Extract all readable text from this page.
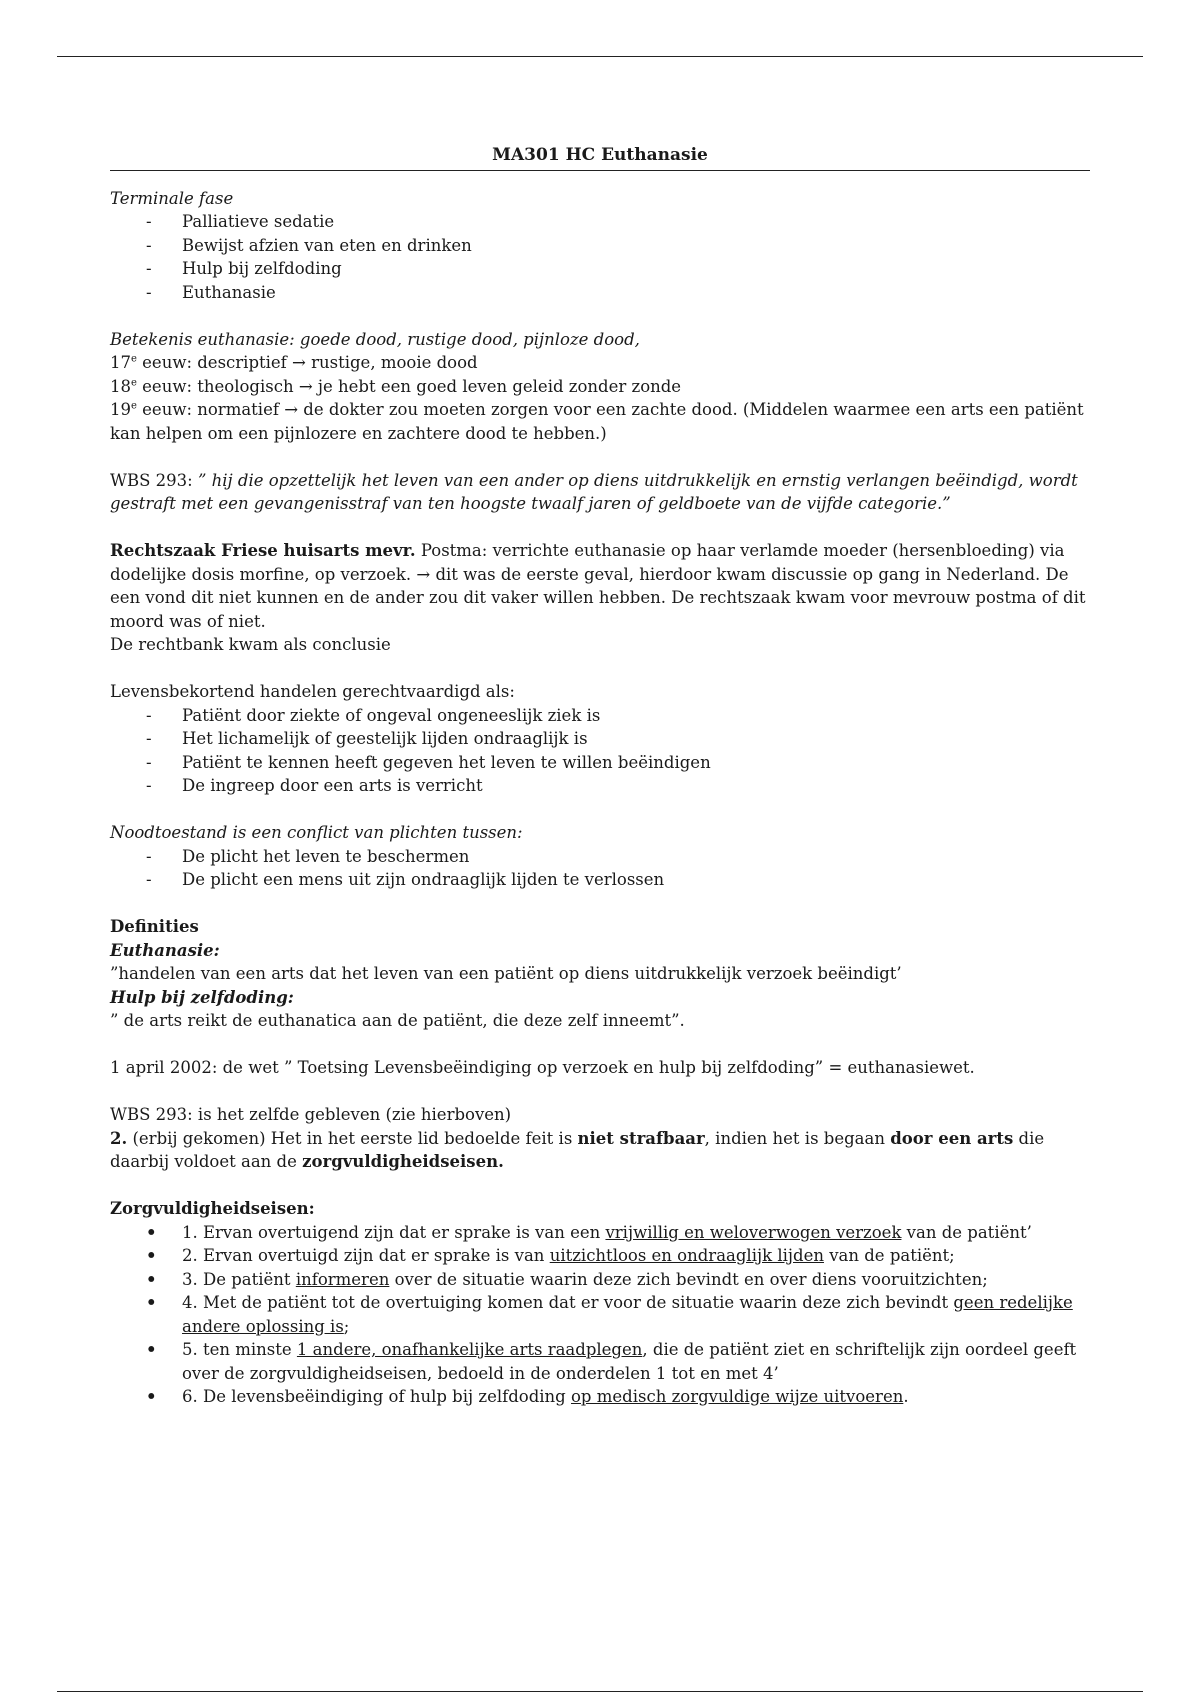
MA301 HC Euthanasie

Terminale fase

- Palliatieve sedatie
- Bewijst afzien van eten en drinken
- Hulp bij zelfdoding
- Euthanasie

Betekenis euthanasie: goede dood, rustige dood, pijnloze dood,

17e eeuw: descriptief → rustige, mooie dood

18e eeuw: theologisch → je hebt een goed leven geleid zonder zonde

19e eeuw: normatief → de dokter zou moeten zorgen voor een zachte dood. (Middelen waarmee een arts een patiënt kan helpen om een pijnlozere en zachtere dood te hebben.)

WBS 293: ” hij die opzettelijk het leven van een ander op diens uitdrukkelijk en ernstig verlangen beëindigd, wordt gestraft met een gevangenisstraf van ten hoogste twaalf jaren of geldboete van de vijfde categorie.”

Rechtszaak Friese huisarts mevr. Postma: verrichte euthanasie op haar verlamde moeder (hersenbloeding) via dodelijke dosis morfine, op verzoek. → dit was de eerste geval, hierdoor kwam discussie op gang in Nederland. De een vond dit niet kunnen en de ander zou dit vaker willen hebben. De rechtszaak kwam voor mevrouw postma of dit moord was of niet.

De rechtbank kwam als conclusie

Levensbekortend handelen gerechtvaardigd als:

- Patiënt door ziekte of ongeval ongeneeslijk ziek is
- Het lichamelijk of geestelijk lijden ondraaglijk is
- Patiënt te kennen heeft gegeven het leven te willen beëindigen
- De ingreep door een arts is verricht

Noodtoestand is een conflict van plichten tussen:

- De plicht het leven te beschermen
- De plicht een mens uit zijn ondraaglijk lijden te verlossen

Definities

Euthanasie:

”handelen van een arts dat het leven van een patiënt op diens uitdrukkelijk verzoek beëindigt’

Hulp bij zelfdoding:

” de arts reikt de euthanatica aan de patiënt, die deze zelf inneemt”.

1 april 2002: de wet ” Toetsing Levensbeëindiging op verzoek en hulp bij zelfdoding” = euthanasiewet.

WBS 293: is het zelfde gebleven (zie hierboven)

2. (erbij gekomen) Het in het eerste lid bedoelde feit is niet strafbaar, indien het is begaan door een arts die daarbij voldoet aan de zorgvuldigheidseisen.

Zorgvuldigheidseisen:

• 1. Ervan overtuigend zijn dat er sprake is van een vrijwillig en weloverwogen verzoek van de patiënt’
• 2. Ervan overtuigd zijn dat er sprake is van uitzichtloos en ondraaglijk lijden van de patiënt;
• 3. De patiënt informeren over de situatie waarin deze zich bevindt en over diens vooruitzichten;
• 4. Met de patiënt tot de overtuiging komen dat er voor de situatie waarin deze zich bevindt geen redelijke andere oplossing is;
• 5. ten minste 1 andere, onafhankelijke arts raadplegen, die de patiënt ziet en schriftelijk zijn oordeel geeft over de zorgvuldigheidseisen, bedoeld in de onderdelen 1 tot en met 4’
• 6. De levensbeëindiging of hulp bij zelfdoding op medisch zorgvuldige wijze uitvoeren.
